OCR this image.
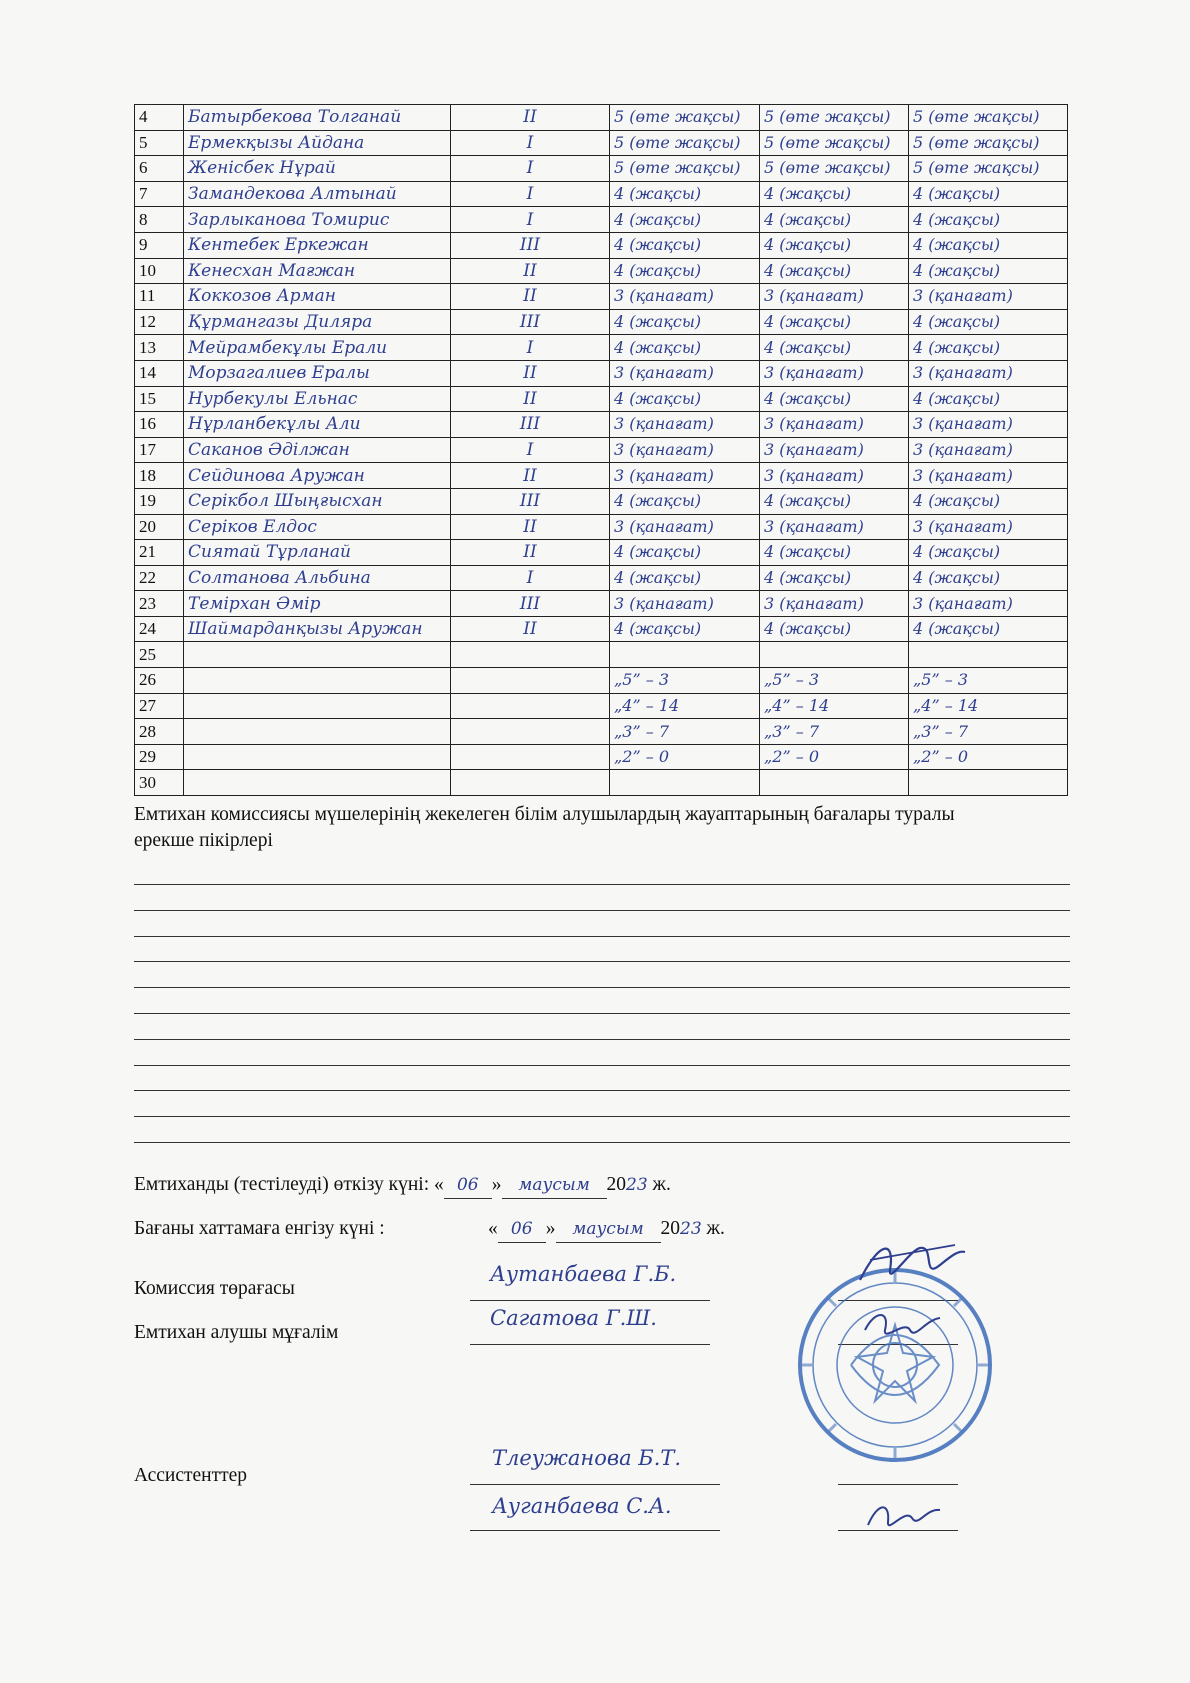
4	Батырбекова Толганай	II	5 (өте жақсы)	5 (өте жақсы)	5 (өте жақсы)
5	Ермекқызы Айдана	I	5 (өте жақсы)	5 (өте жақсы)	5 (өте жақсы)
6	Женісбек Нұрай	I	5 (өте жақсы)	5 (өте жақсы)	5 (өте жақсы)
7	Замандекова Алтынай	I	4 (жақсы)	4 (жақсы)	4 (жақсы)
8	Зарлыканова Томирис	I	4 (жақсы)	4 (жақсы)	4 (жақсы)
9	Кентебек Еркежан	III	4 (жақсы)	4 (жақсы)	4 (жақсы)
10	Кенесхан Мағжан	II	4 (жақсы)	4 (жақсы)	4 (жақсы)
11	Коккозов Арман	II	3 (қанағат)	3 (қанағат)	3 (қанағат)
12	Құрмангазы Диляра	III	4 (жақсы)	4 (жақсы)	4 (жақсы)
13	Мейрамбекұлы Ерали	I	4 (жақсы)	4 (жақсы)	4 (жақсы)
14	Морзагалиев Ералы	II	3 (қанағат)	3 (қанағат)	3 (қанағат)
15	Нурбекулы Ельнас	II	4 (жақсы)	4 (жақсы)	4 (жақсы)
16	Нұрланбекұлы Али	III	3 (қанағат)	3 (қанағат)	3 (қанағат)
17	Саканов Әділжан	I	3 (қанағат)	3 (қанағат)	3 (қанағат)
18	Сейдинова Аружан	II	3 (қанағат)	3 (қанағат)	3 (қанағат)
19	Серікбол Шыңғысхан	III	4 (жақсы)	4 (жақсы)	4 (жақсы)
20	Серіков Елдос	II	3 (қанағат)	3 (қанағат)	3 (қанағат)
21	Сиятай Тұрланай	II	4 (жақсы)	4 (жақсы)	4 (жақсы)
22	Солтанова Альбина	I	4 (жақсы)	4 (жақсы)	4 (жақсы)
23	Темірхан Әмір	III	3 (қанағат)	3 (қанағат)	3 (қанағат)
24	Шаймарданқызы Аружан	II	4 (жақсы)	4 (жақсы)	4 (жақсы)
25		

26			„5” – 3	„5” – 3	„5” – 3
27			„4” – 14	„4” – 14	„4” – 14
28			„3” – 7	„3” – 7	„3” – 7
29			„2” – 0	„2” – 0	„2” – 0
30		

Емтихан комиссиясы мүшелерінің жекелеген білім алушылардың жауаптарының бағалары туралы
ерекше пікірлері
Емтиханды (тестілеуді) өткізу күні: « 06 » маусым 2023 ж.
Бағаны хаттамаға енгізу күні :	« 06 » маусым 2023 ж.
Комиссия төрағасы
Аутанбаева Г.Б.
Емтихан алушы мұғалім
Сагатова Г.Ш.
Ассистенттер
Тлеужанова Б.Т.
Ауганбаева С.А.
